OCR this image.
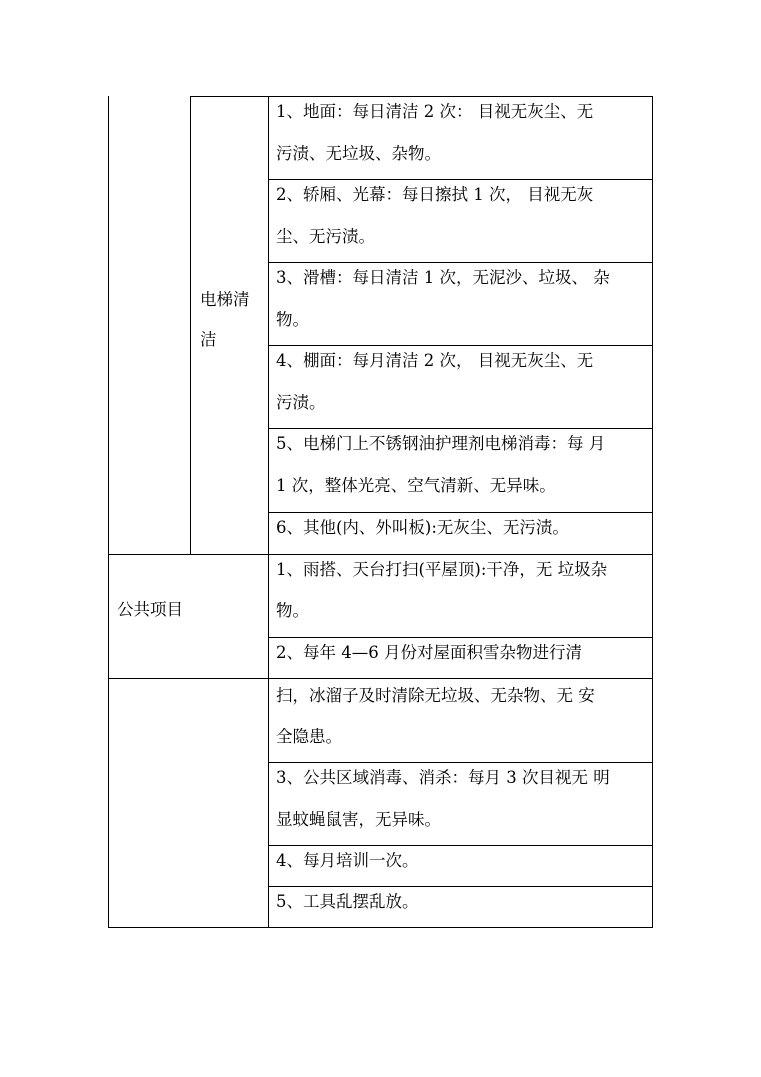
电梯清
洁
1、地面：每日清洁 2 次： 目视无灰尘、无
污渍、无垃圾、杂物。
2、轿厢、光幕：每日擦拭 1 次， 目视无灰
尘、无污渍。
3、滑槽：每日清洁 1 次，无泥沙、垃圾、 杂
物。
4、棚面：每月清洁 2 次， 目视无灰尘、无
污渍。
5、电梯门上不锈钢油护理剂电梯消毒：每 月
1 次，整体光亮、空气清新、无异味。
6、其他(内、外叫板):无灰尘、无污渍。
公共项目
1、雨搭、天台打扫(平屋顶):干净，无 垃圾杂
物。
2、每年 4—6 月份对屋面积雪杂物进行清
扫，冰溜子及时清除无垃圾、无杂物、无 安
全隐患。
3、公共区域消毒、消杀：每月 3 次目视无 明
显蚊蝇鼠害，无异味。
4、每月培训一次。
5、工具乱摆乱放。
